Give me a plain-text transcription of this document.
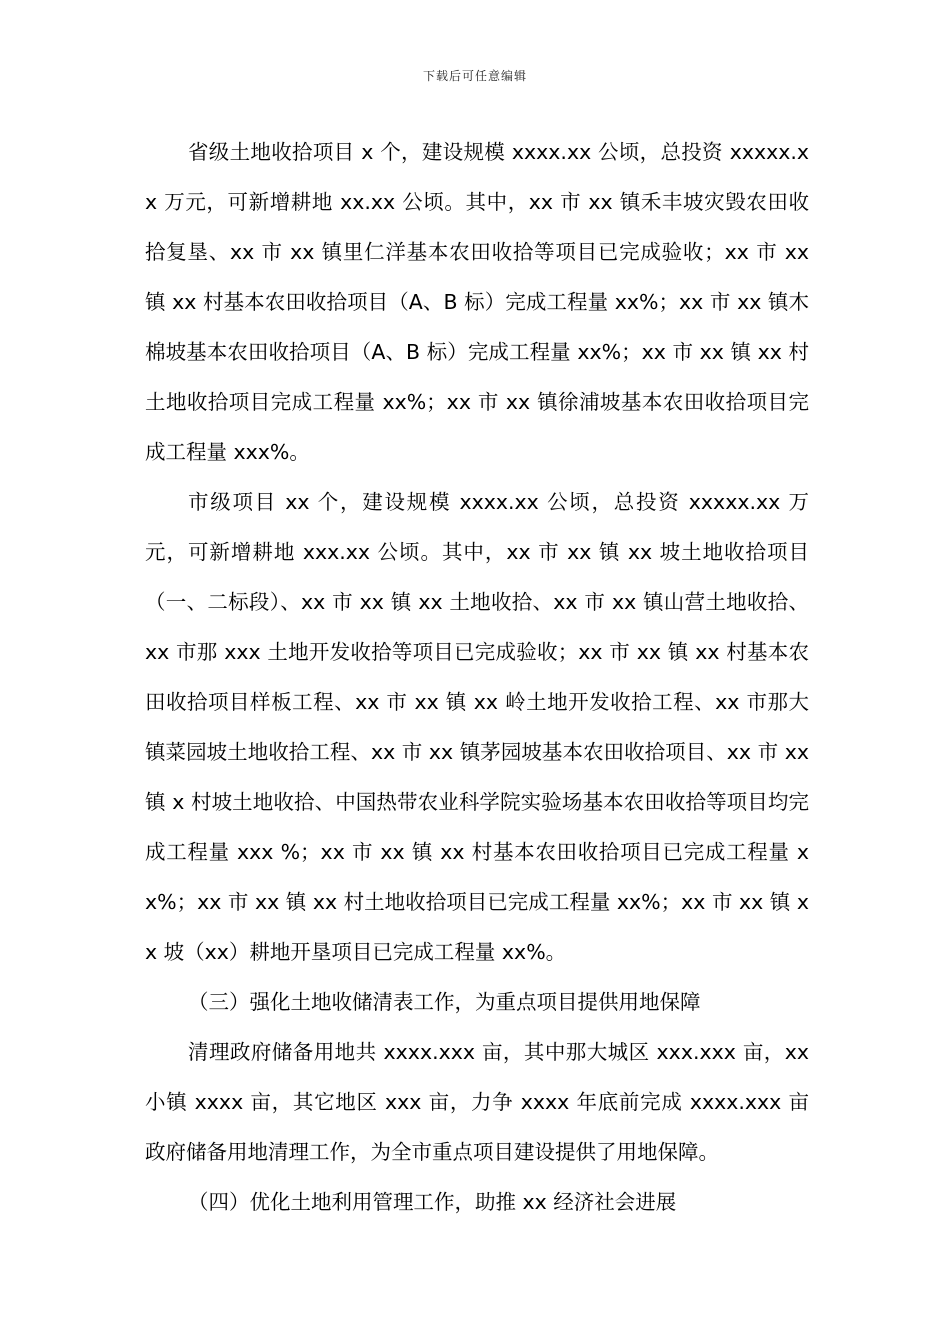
下载后可任意编辑

省级土地收拾项目 x 个，建设规模 xxxx.xx 公顷，总投资 xxxxx.xx 万元，可新增耕地 xx.xx 公顷。其中，xx 市 xx 镇禾丰坡灾毁农田收拾复垦、xx 市 xx 镇里仁洋基本农田收拾等项目已完成验收；xx 市 xx 镇 xx 村基本农田收拾项目（A、B 标）完成工程量 xx%；xx 市 xx 镇木棉坡基本农田收拾项目（A、B 标）完成工程量 xx%；xx 市 xx 镇 xx 村土地收拾项目完成工程量 xx%；xx 市 xx 镇徐浦坡基本农田收拾项目完成工程量 xxx%。

市级项目 xx 个，建设规模 xxxx.xx 公顷，总投资 xxxxx.xx 万元，可新增耕地 xxx.xx 公顷。其中，xx 市 xx 镇 xx 坡土地收拾项目（一、二标段）、xx 市 xx 镇 xx 土地收拾、xx 市 xx 镇山营土地收拾、xx 市那 xxx 土地开发收拾等项目已完成验收；xx 市 xx 镇 xx 村基本农田收拾项目样板工程、xx 市 xx 镇 xx 岭土地开发收拾工程、xx 市那大镇菜园坡土地收拾工程、xx 市 xx 镇茅园坡基本农田收拾项目、xx 市 xx 镇 x 村坡土地收拾、中国热带农业科学院实验场基本农田收拾等项目均完成工程量 xxx %；xx 市 xx 镇 xx 村基本农田收拾项目已完成工程量 xx%；xx 市 xx 镇 xx 村土地收拾项目已完成工程量 xx%；xx 市 xx 镇 xx 坡（xx）耕地开垦项目已完成工程量 xx%。

（三）强化土地收储清表工作，为重点项目提供用地保障

清理政府储备用地共 xxxx.xxx 亩，其中那大城区 xxx.xxx 亩，xx 小镇 xxxx 亩，其它地区 xxx 亩，力争 xxxx 年底前完成 xxxx.xxx 亩政府储备用地清理工作，为全市重点项目建设提供了用地保障。

（四）优化土地利用管理工作，助推 xx 经济社会进展
